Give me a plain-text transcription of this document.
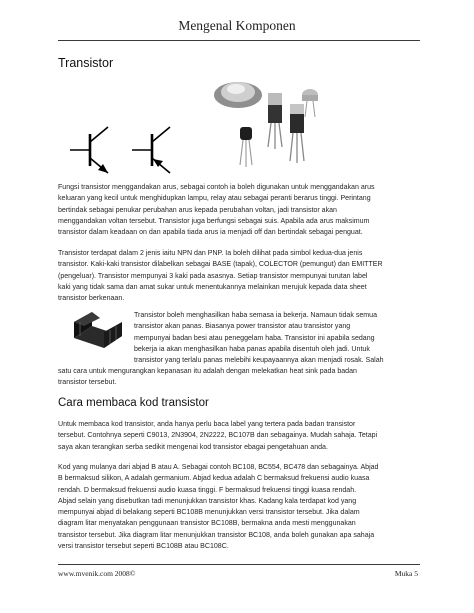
Mengenal Komponen
Transistor
Fungsi transistor menggandakan arus, sebagai contoh ia boleh digunakan untuk menggandakan arus
keluaran yang kecil untuk menghidupkan lampu, relay atau sebagai peranti berarus tinggi. Perintang
bertindak sebagai penukar perubahan arus kepada perubahan voltan, jadi transistor akan
menggandakan voltan tersebut. Transistor juga berfungsi sebagai suis. Apabila ada arus maksimum
transistor dalam keadaan on dan apabila tiada arus ia menjadi off dan bertindak sebagai penguat.
Transistor terdapat dalam 2 jenis iaitu NPN dan PNP. Ia boleh dilihat pada simbol kedua-dua jenis
transistor. Kaki-kaki transistor dilabelkan sebagai BASE (tapak), COLECTOR (pemungut) dan EMITTER
(pengeluar). Transistor mempunyai 3 kaki pada asasnya. Setiap transistor mempunyai turutan label
kaki yang tidak sama dan amat sukar untuk menentukannya melainkan merujuk kepada data sheet
transistor berkenaan.
Transistor boleh menghasilkan haba semasa ia bekerja. Namaun tidak semua
transistor akan panas. Biasanya power transistor atau transistor yang
mempunyai badan besi atau peneggelam haba. Transistor ini apabila sedang
bekerja ia akan menghasilkan haba panas apabila disentuh oleh jadi. Untuk
transistor yang terlalu panas melebihi keupayaannya akan menjadi rosak. Salah
satu cara untuk mengurangkan kepanasan itu adalah dengan melekatkan heat sink pada badan
transistor tersebut.
Cara membaca kod transistor
Untuk membaca kod transistor, anda hanya perlu baca label yang tertera pada badan transistor
tersebut. Contohnya seperti C9013, 2N3904, 2N2222, BC107B dan sebagainya. Mudah sahaja. Tetapi
saya akan terangkan serba sedikit mengenai kod transistor ebagai pengetahuan anda.
Kod yang mulanya dari abjad B atau A. Sebagai contoh BC108, BC554, BC478 dan sebagainya. Abjad
B bermaksud silikon, A adalah germanium. Abjad kedua adalah C bermaksud frekuensi audio kuasa
rendah. D bermaksud frekuensi audio kuasa tinggi. F bermaksud frekuensi tinggi kuasa rendah.
Abjad selain yang disebutkan tadi menunjukkan transistor khas. Kadang kala terdapat kod yang
mempunyai abjad di belakang seperti BC108B menunjukkan versi transistor tersebut. Jika dalam
diagram litar menyatakan penggunaan transistor BC108B, bermakna anda mesti menggunakan
transistor tersebut. Jika diagram litar menunjukkan transistor BC108, anda boleh gunakan apa sahaja
versi transistor tersebut seperti BC108B atau BC108C.
www.mvenik.com 2008©	Muka 5
